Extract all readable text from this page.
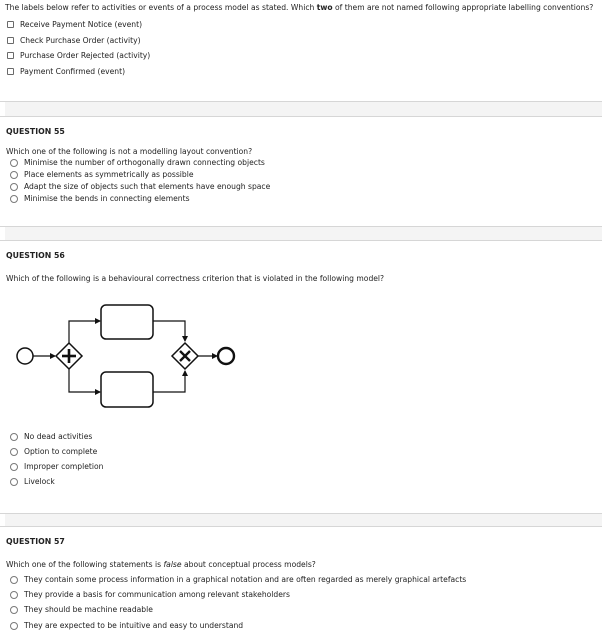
The labels below refer to activities or events of a process model as stated. Which two of them are not named following appropriate labelling conventions?
Receive Payment Notice (event)
Check Purchase Order (activity)
Purchase Order Rejected (activity)
Payment Confirmed (event)
QUESTION 55
Which one of the following is not a modelling layout convention?
Minimise the number of orthogonally drawn connecting objects
Place elements as symmetrically as possible
Adapt the size of objects such that elements have enough space
Minimise the bends in connecting elements
QUESTION 56
Which of the following is a behavioural correctness criterion that is violated in the following model?
No dead activities
Option to complete
Improper completion
Livelock
QUESTION 57
Which one of the following statements is false about conceptual process models?
They contain some process information in a graphical notation and are often regarded as merely graphical artefacts
They provide a basis for communication among relevant stakeholders
They should be machine readable
They are expected to be intuitive and easy to understand
